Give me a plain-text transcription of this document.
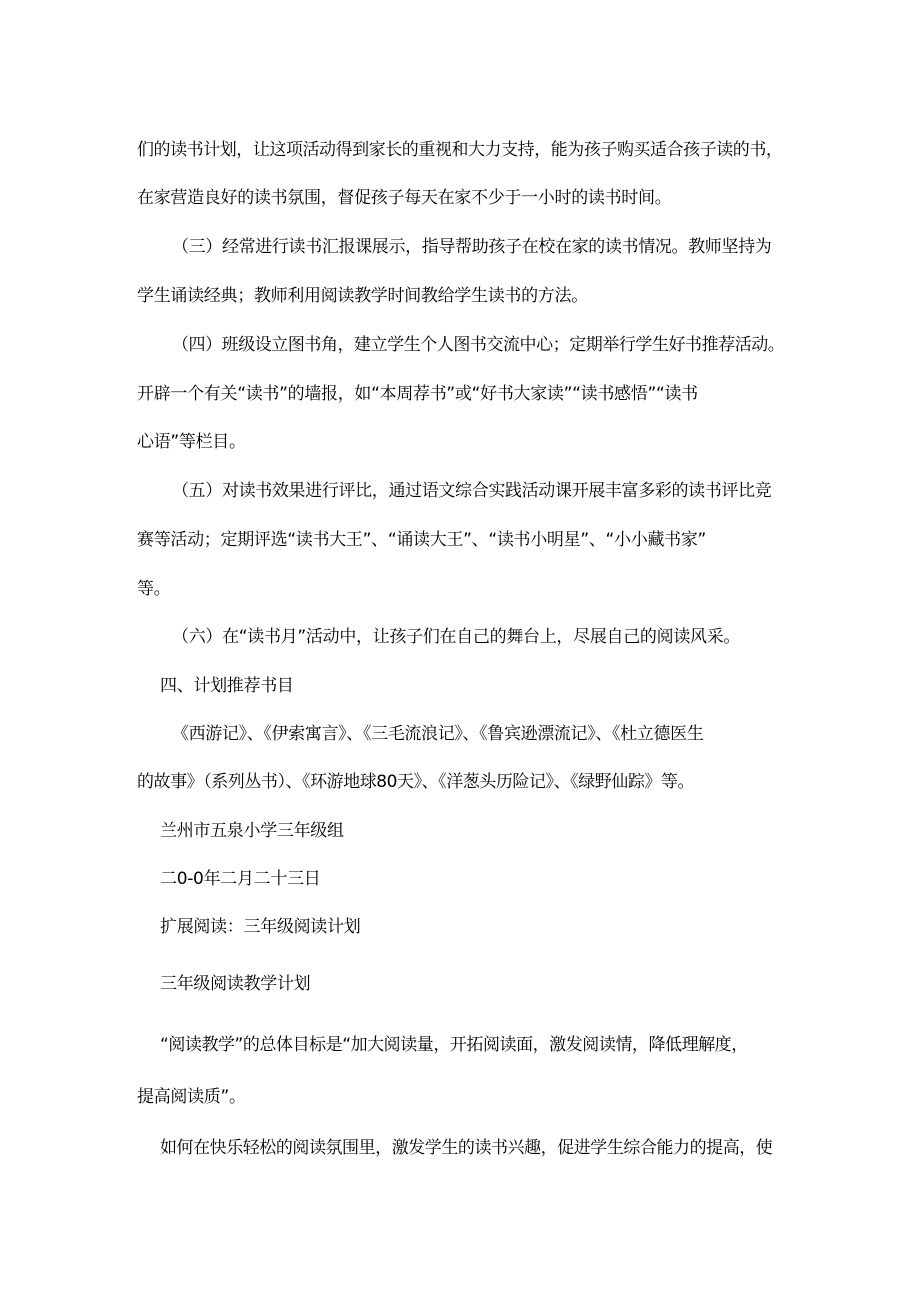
们的读书计划，让这项活动得到家长的重视和大力支持，能为孩子购买适合孩子读的书，

在家营造良好的读书氛围，督促孩子每天在家不少于一小时的读书时间。

（三）经常进行读书汇报课展示，指导帮助孩子在校在家的读书情况。教师坚持为

学生诵读经典；教师利用阅读教学时间教给学生读书的方法。

（四）班级设立图书角，建立学生个人图书交流中心；定期举行学生好书推荐活动。

开辟一个有关“读书”的墙报，如“本周荐书”或“好书大家读”“读书感悟”“读书

心语”等栏目。

（五）对读书效果进行评比，通过语文综合实践活动课开展丰富多彩的读书评比竞

赛等活动；定期评选“读书大王”、“诵读大王”、“读书小明星”、“小小藏书家”

等。

（六）在“读书月”活动中，让孩子们在自己的舞台上，尽展自己的阅读风采。

四、计划推荐书目

《西游记》、《伊索寓言》、《三毛流浪记》、《鲁宾逊漂流记》、《杜立德医生

的故事》（系列丛书）、《环游地球80天》、《洋葱头历险记》、《绿野仙踪》等。

兰州市五泉小学三年级组

二0-0年二月二十三日

扩展阅读：三年级阅读计划

三年级阅读教学计划

“阅读教学”的总体目标是“加大阅读量，开拓阅读面，激发阅读情，降低理解度，

提高阅读质”。

如何在快乐轻松的阅读氛围里，激发学生的读书兴趣，促进学生综合能力的提高，使
